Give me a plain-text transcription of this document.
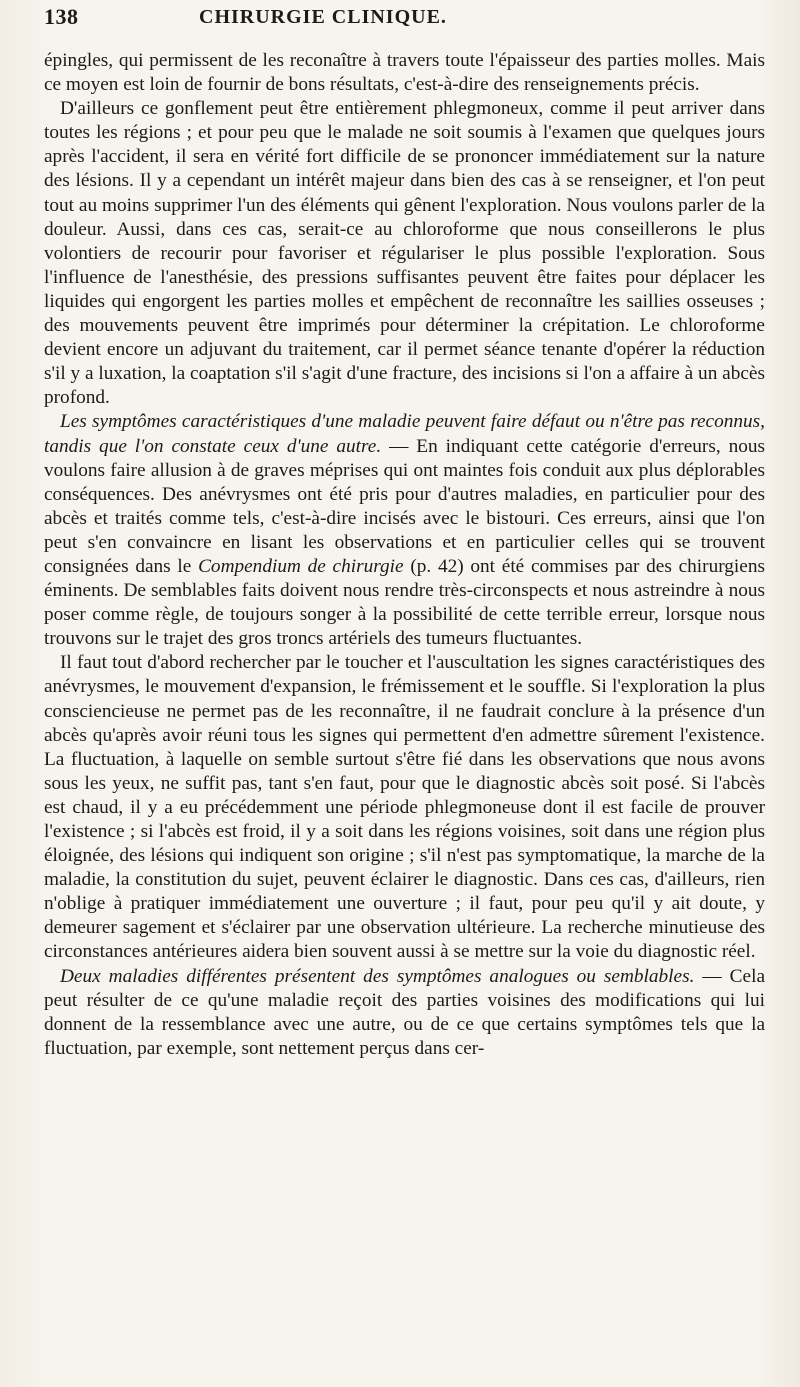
138	CHIRURGIE CLINIQUE.

épingles, qui permissent de les reconaître à travers toute l'épaisseur des parties molles. Mais ce moyen est loin de fournir de bons résultats, c'est-à-dire des renseignements précis.

D'ailleurs ce gonflement peut être entièrement phlegmoneux, comme il peut arriver dans toutes les régions ; et pour peu que le malade ne soit soumis à l'examen que quelques jours après l'accident, il sera en vérité fort difficile de se prononcer immédiatement sur la nature des lésions. Il y a cependant un intérêt majeur dans bien des cas à se renseigner, et l'on peut tout au moins supprimer l'un des éléments qui gênent l'exploration. Nous voulons parler de la douleur. Aussi, dans ces cas, serait-ce au chloroforme que nous conseillerons le plus volontiers de recourir pour favoriser et régulariser le plus possible l'exploration. Sous l'influence de l'anesthésie, des pressions suffisantes peuvent être faites pour déplacer les liquides qui engorgent les parties molles et empêchent de reconnaître les saillies osseuses ; des mouvements peuvent être imprimés pour déterminer la crépitation. Le chloroforme devient encore un adjuvant du traitement, car il permet séance tenante d'opérer la réduction s'il y a luxation, la coaptation s'il s'agit d'une fracture, des incisions si l'on a affaire à un abcès profond.

Les symptômes caractéristiques d'une maladie peuvent faire défaut ou n'être pas reconnus, tandis que l'on constate ceux d'une autre. — En indiquant cette catégorie d'erreurs, nous voulons faire allusion à de graves méprises qui ont maintes fois conduit aux plus déplorables conséquences. Des anévrysmes ont été pris pour d'autres maladies, en particulier pour des abcès et traités comme tels, c'est-à-dire incisés avec le bistouri. Ces erreurs, ainsi que l'on peut s'en convaincre en lisant les observations et en particulier celles qui se trouvent consignées dans le Compendium de chirurgie (p. 42) ont été commises par des chirurgiens éminents. De semblables faits doivent nous rendre très-circonspects et nous astreindre à nous poser comme règle, de toujours songer à la possibilité de cette terrible erreur, lorsque nous trouvons sur le trajet des gros troncs artériels des tumeurs fluctuantes.

Il faut tout d'abord rechercher par le toucher et l'auscultation les signes caractéristiques des anévrysmes, le mouvement d'expansion, le frémissement et le souffle. Si l'exploration la plus consciencieuse ne permet pas de les reconnaître, il ne faudrait conclure à la présence d'un abcès qu'après avoir réuni tous les signes qui permettent d'en admettre sûrement l'existence. La fluctuation, à laquelle on semble surtout s'être fié dans les observations que nous avons sous les yeux, ne suffit pas, tant s'en faut, pour que le diagnostic abcès soit posé. Si l'abcès est chaud, il y a eu précédemment une période phlegmoneuse dont il est facile de prouver l'existence ; si l'abcès est froid, il y a soit dans les régions voisines, soit dans une région plus éloignée, des lésions qui indiquent son origine ; s'il n'est pas symptomatique, la marche de la maladie, la constitution du sujet, peuvent éclairer le diagnostic. Dans ces cas, d'ailleurs, rien n'oblige à pratiquer immédiatement une ouverture ; il faut, pour peu qu'il y ait doute, y demeurer sagement et s'éclairer par une observation ultérieure. La recherche minutieuse des circonstances antérieures aidera bien souvent aussi à se mettre sur la voie du diagnostic réel.

Deux maladies différentes présentent des symptômes analogues ou semblables. — Cela peut résulter de ce qu'une maladie reçoit des parties voisines des modifications qui lui donnent de la ressemblance avec une autre, ou de ce que certains symptômes tels que la fluctuation, par exemple, sont nettement perçus dans cer-
